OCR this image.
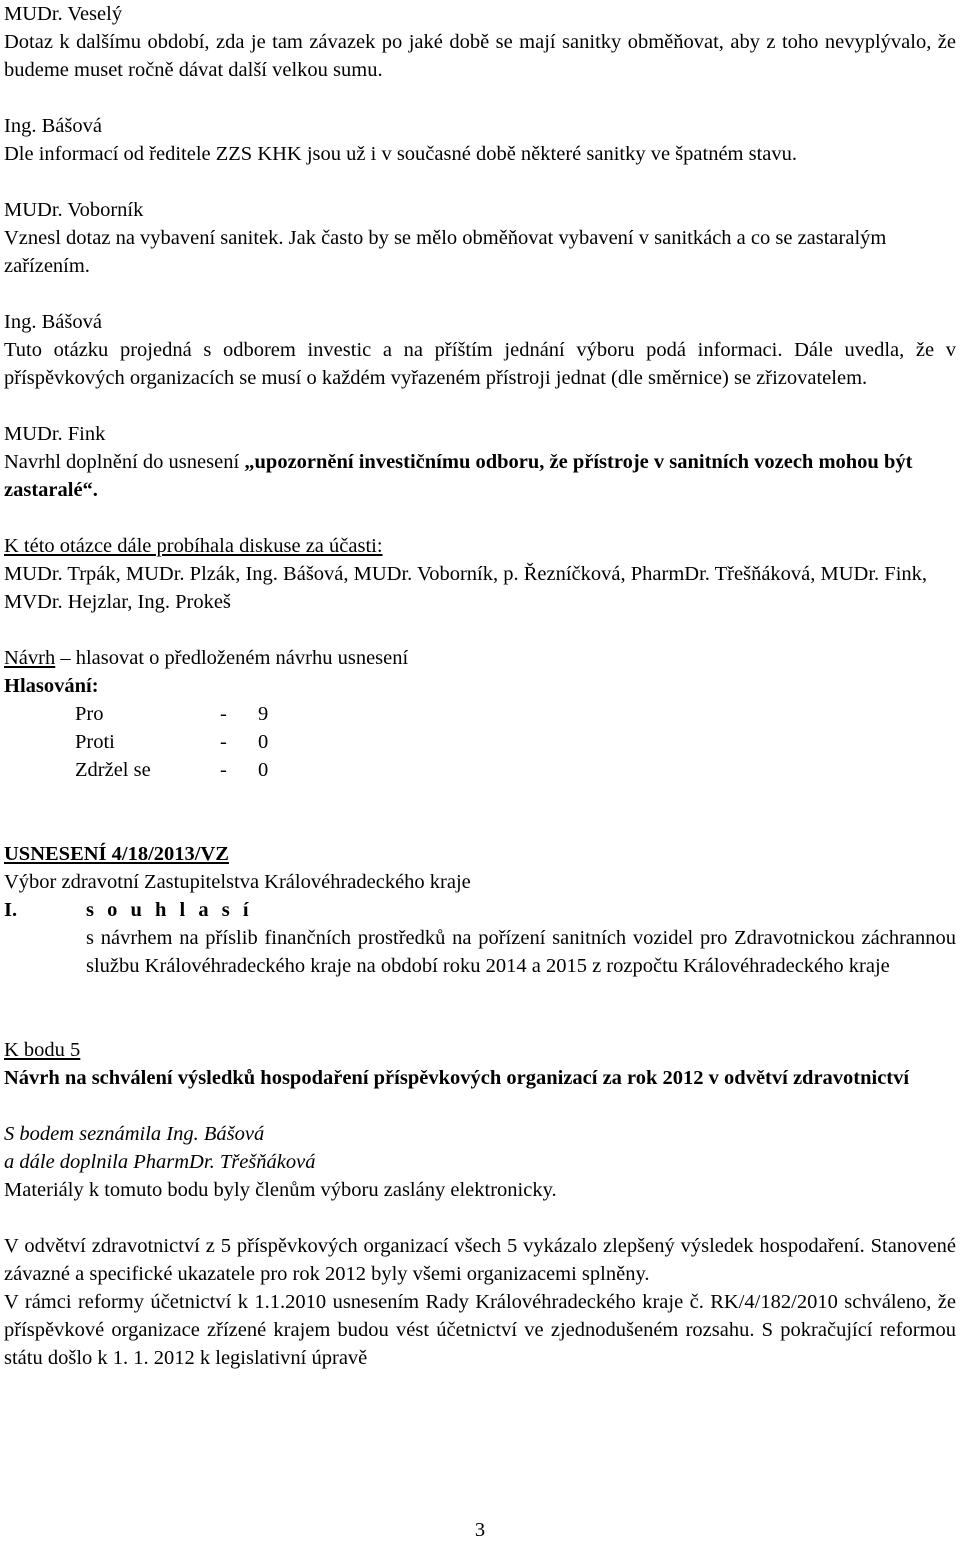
MUDr. Veselý

Dotaz k dalšímu období, zda je tam závazek po jaké době se mají sanitky obměňovat, aby z toho nevyplývalo, že budeme muset ročně dávat další velkou sumu.

Ing. Bášová

Dle informací od ředitele ZZS KHK jsou už i v současné době některé sanitky ve špatném stavu.

MUDr. Voborník

Vznesl dotaz na vybavení sanitek. Jak často by se mělo obměňovat vybavení v sanitkách a co se zastaralým zařízením.

Ing. Bášová

Tuto otázku projedná s odborem investic a na příštím jednání výboru podá informaci. Dále uvedla, že v příspěvkových organizacích se musí o každém vyřazeném přístroji jednat (dle směrnice) se zřizovatelem.

MUDr. Fink

Navrhl doplnění do usnesení „upozornění investičnímu odboru, že přístroje v sanitních vozech mohou být zastaralé“.

K této otázce dále probíhala diskuse za účasti:

MUDr. Trpák, MUDr. Plzák, Ing. Bášová, MUDr. Voborník, p. Řezníčková, PharmDr. Třešňáková, MUDr. Fink, MVDr. Hejzlar, Ing. Prokeš

Návrh – hlasovat o předloženém návrhu usnesení

Hlasování:

Pro	-	9
Proti	-	0
Zdržel se	-	0

USNESENÍ 4/18/2013/VZ

Výbor zdravotní Zastupitelstva Královéhradeckého kraje

I.	s o u h l a s í

s návrhem na příslib finančních prostředků na pořízení sanitních vozidel pro Zdravotnickou záchrannou službu Královéhradeckého kraje na období roku 2014 a 2015 z rozpočtu Královéhradeckého kraje

K bodu 5

Návrh na schválení výsledků hospodaření příspěvkových organizací za rok 2012 v odvětví zdravotnictví

S bodem seznámila Ing. Bášová

a dále doplnila PharmDr. Třešňáková

Materiály k tomuto bodu byly členům výboru zaslány elektronicky.

V odvětví zdravotnictví z 5 příspěvkových organizací všech 5 vykázalo zlepšený výsledek hospodaření. Stanovené závazné a specifické ukazatele pro rok 2012 byly všemi organizacemi splněny.

V rámci reformy účetnictví k 1.1.2010 usnesením Rady Královéhradeckého kraje č. RK/4/182/2010 schváleno, že příspěvkové organizace zřízené krajem budou vést účetnictví ve zjednodušeném rozsahu. S pokračující reformou státu došlo k 1. 1. 2012 k legislativní úpravě

3
